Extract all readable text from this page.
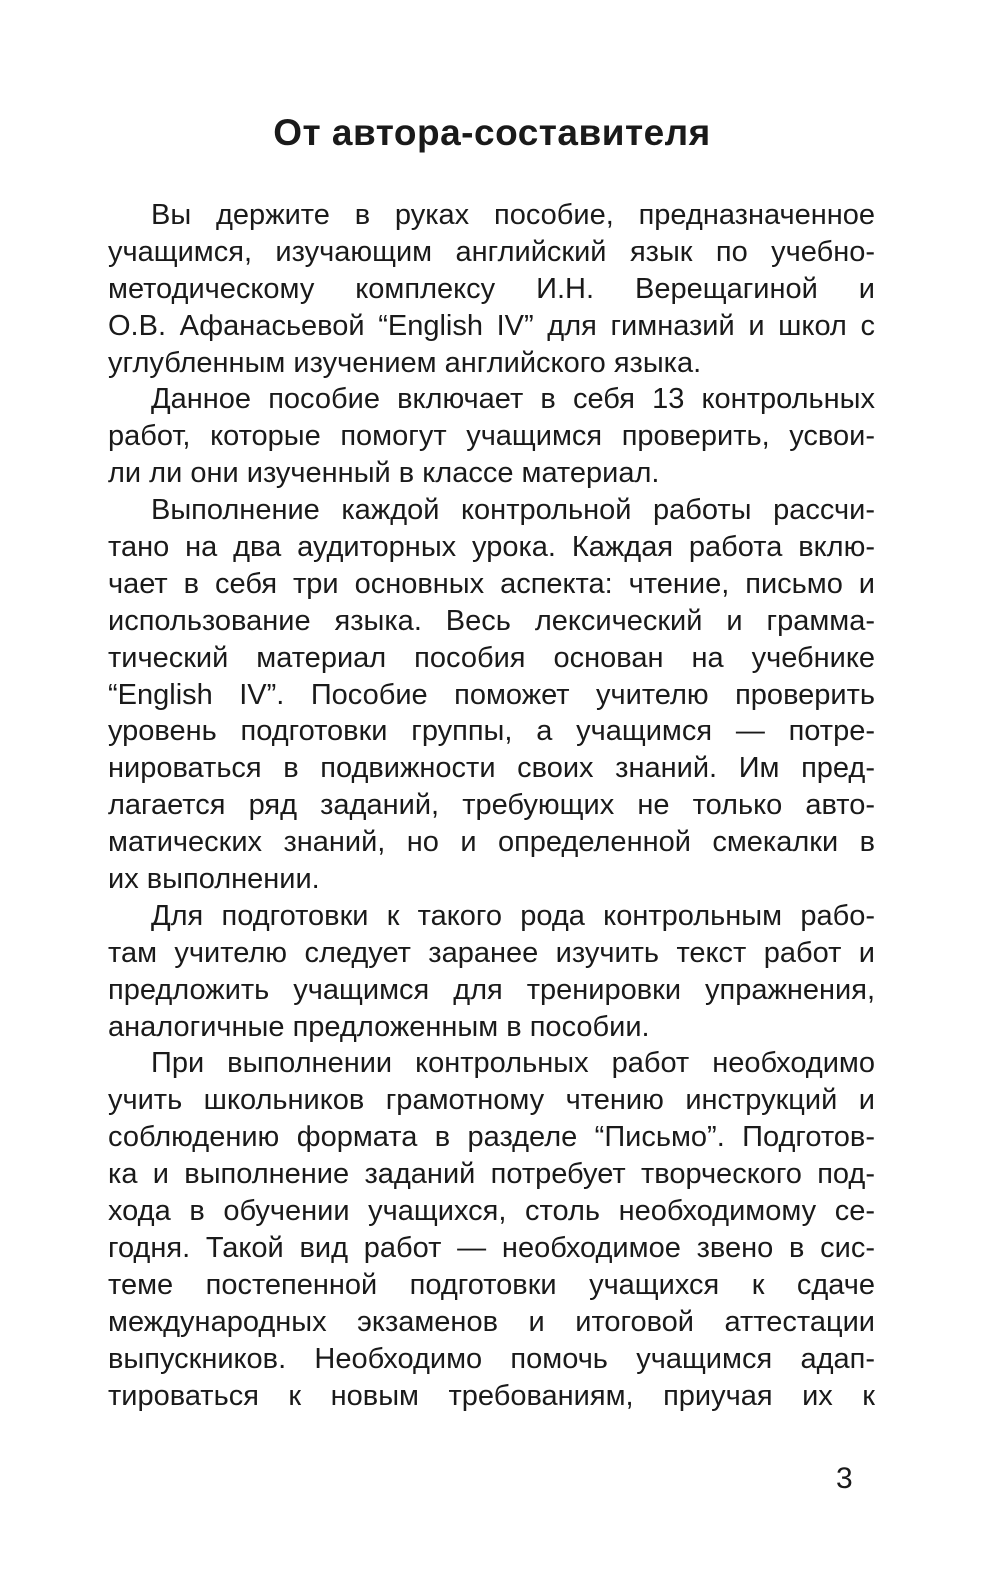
От автора-составителя
Вы держите в руках пособие, предназначенное
учащимся, изучающим английский язык по учебно-
методическому комплексу И.Н. Верещагиной и
О.В. Афанасьевой “English IV” для гимназий и школ с
углубленным изучением английского языка.
Данное пособие включает в себя 13 контрольных
работ, которые помогут учащимся проверить, усвои-
ли ли они изученный в классе материал.
Выполнение каждой контрольной работы рассчи-
тано на два аудиторных урока. Каждая работа вклю-
чает в себя три основных аспекта: чтение, письмо и
использование языка. Весь лексический и грамма-
тический материал пособия основан на учебнике
“English IV”. Пособие поможет учителю проверить
уровень подготовки группы, а учащимся — потре-
нироваться в подвижности своих знаний. Им пред-
лагается ряд заданий, требующих не только авто-
матических знаний, но и определенной смекалки в
их выполнении.
Для подготовки к такого рода контрольным рабо-
там учителю следует заранее изучить текст работ и
предложить учащимся для тренировки упражнения,
аналогичные предложенным в пособии.
При выполнении контрольных работ необходимо
учить школьников грамотному чтению инструкций и
соблюдению формата в разделе “Письмо”. Подготов-
ка и выполнение заданий потребует творческого под-
хода в обучении учащихся, столь необходимому се-
годня. Такой вид работ — необходимое звено в сис-
теме постепенной подготовки учащихся к сдаче
международных экзаменов и итоговой аттестации
выпускников. Необходимо помочь учащимся адап-
тироваться к новым требованиям, приучая их к
3
